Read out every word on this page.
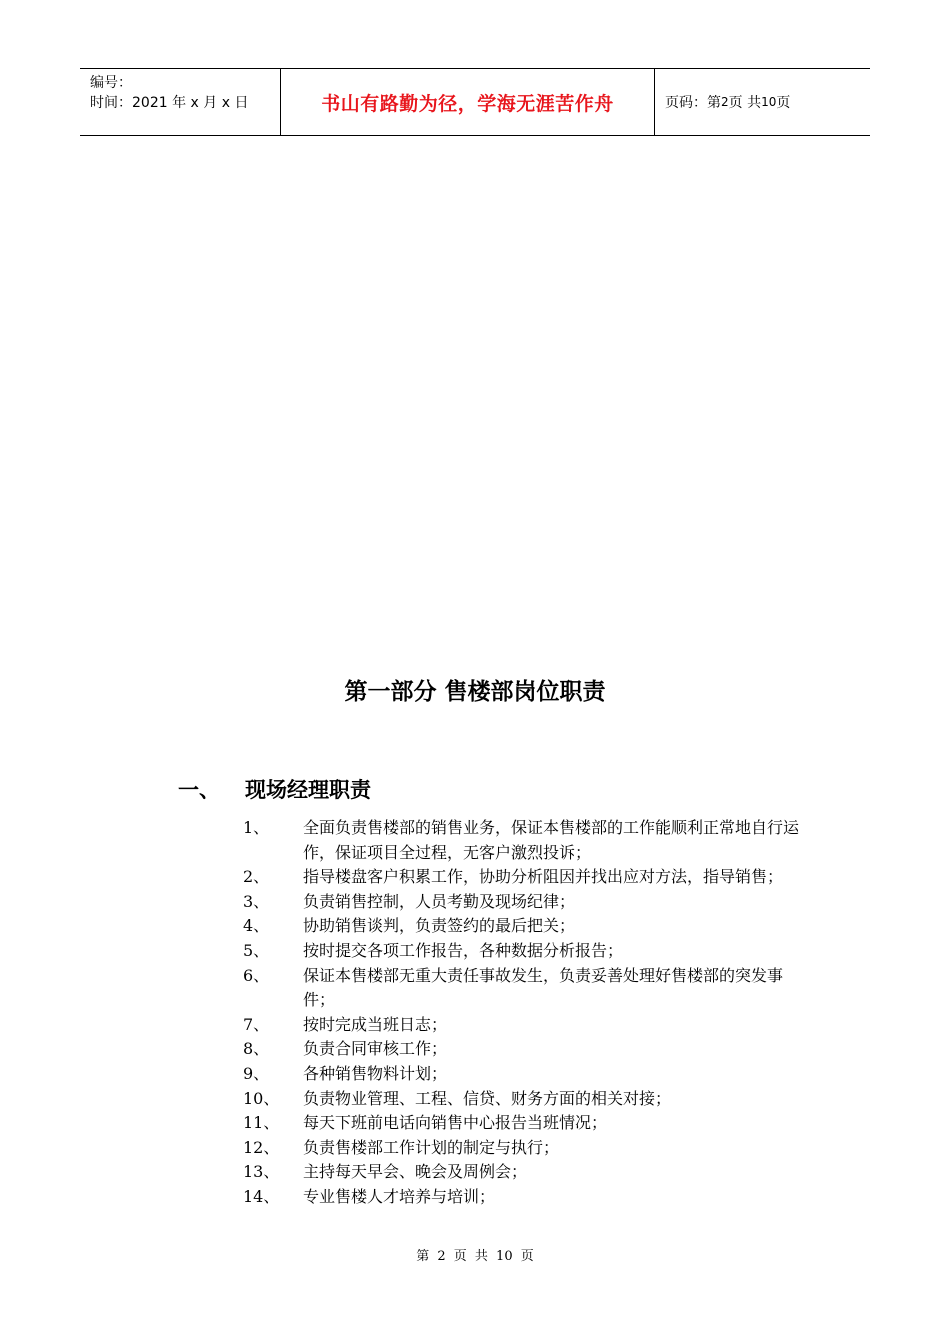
编号：
时间：2021 年 x 月 x 日	书山有路勤为径，学海无涯苦作舟	页码：第 2 页 共 10 页
第一部分 售楼部岗位职责
一、	现场经理职责
1、	全面负责售楼部的销售业务，保证本售楼部的工作能顺利正常地自行运作，保证项目全过程，无客户激烈投诉；
2、	指导楼盘客户积累工作，协助分析阻因并找出应对方法，指导销售；
3、	负责销售控制，人员考勤及现场纪律；
4、	协助销售谈判，负责签约的最后把关；
5、	按时提交各项工作报告，各种数据分析报告；
6、	保证本售楼部无重大责任事故发生，负责妥善处理好售楼部的突发事件；
7、	按时完成当班日志；
8、	负责合同审核工作；
9、	各种销售物料计划；
10、	负责物业管理、工程、信贷、财务方面的相关对接；
11、	每天下班前电话向销售中心报告当班情况；
12、	负责售楼部工作计划的制定与执行；
13、	主持每天早会、晚会及周例会；
14、	专业售楼人才培养与培训；
第 2 页 共 10 页
